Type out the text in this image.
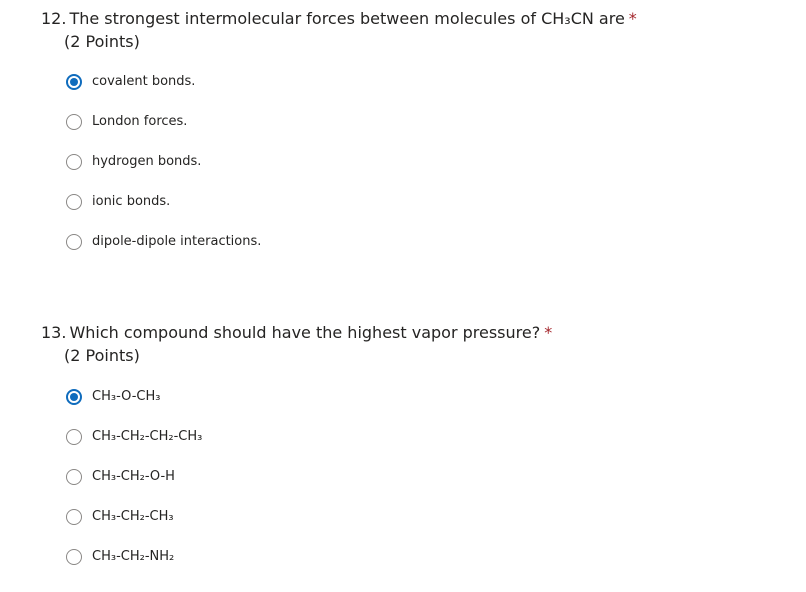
12. The strongest intermolecular forces between molecules of CH₃CN are *
(2 Points)
covalent bonds.
London forces.
hydrogen bonds.
ionic bonds.
dipole-dipole interactions.
13. Which compound should have the highest vapor pressure? *
(2 Points)
CH₃-O-CH₃
CH₃-CH₂-CH₂-CH₃
CH₃-CH₂-O-H
CH₃-CH₂-CH₃
CH₃-CH₂-NH₂
